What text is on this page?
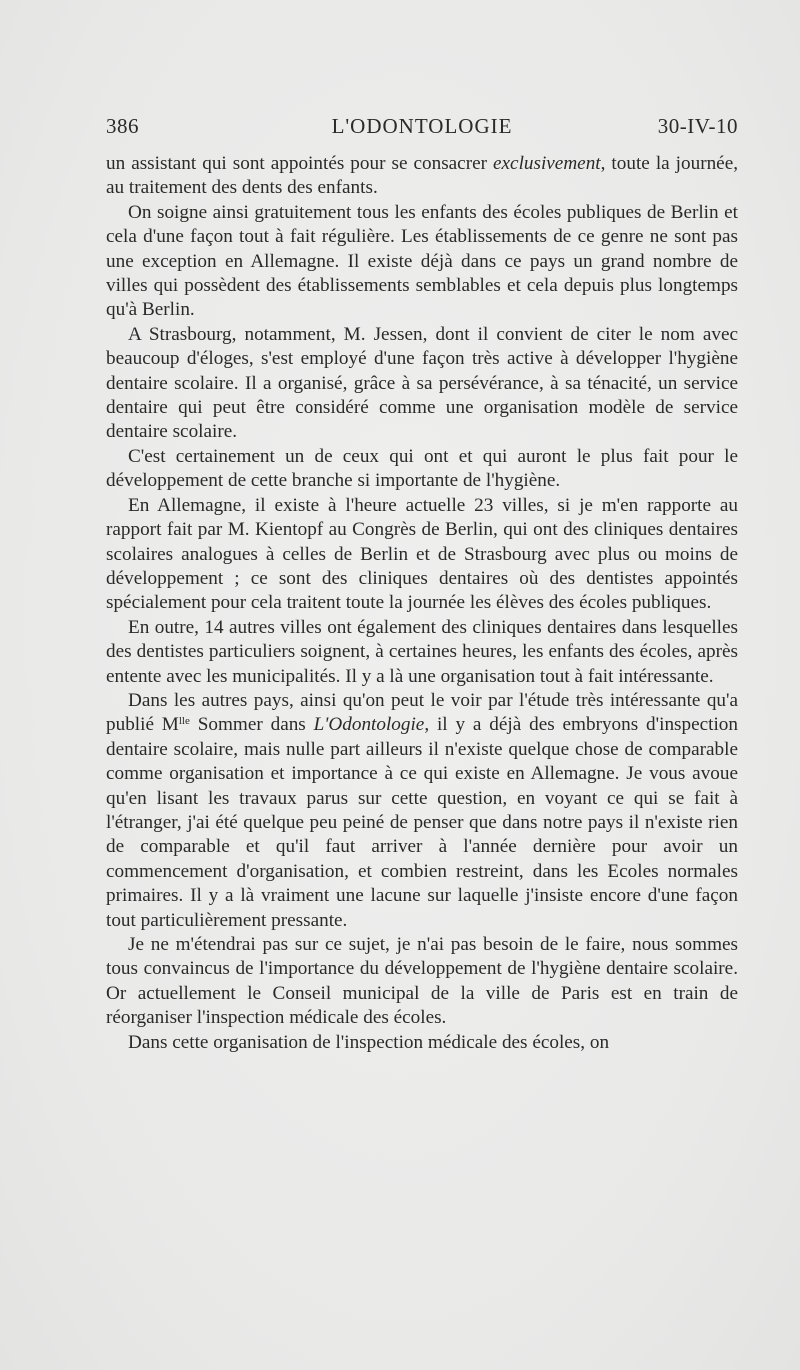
386	L'ODONTOLOGIE	30-IV-10

un assistant qui sont appointés pour se consacrer exclusivement, toute la journée, au traitement des dents des enfants.

On soigne ainsi gratuitement tous les enfants des écoles publiques de Berlin et cela d'une façon tout à fait régulière. Les établissements de ce genre ne sont pas une exception en Allemagne. Il existe déjà dans ce pays un grand nombre de villes qui possèdent des établissements semblables et cela depuis plus longtemps qu'à Berlin.

A Strasbourg, notamment, M. Jessen, dont il convient de citer le nom avec beaucoup d'éloges, s'est employé d'une façon très active à développer l'hygiène dentaire scolaire. Il a organisé, grâce à sa persévérance, à sa ténacité, un service dentaire qui peut être considéré comme une organisation modèle de service dentaire scolaire.

C'est certainement un de ceux qui ont et qui auront le plus fait pour le développement de cette branche si importante de l'hygiène.

En Allemagne, il existe à l'heure actuelle 23 villes, si je m'en rapporte au rapport fait par M. Kientopf au Congrès de Berlin, qui ont des cliniques dentaires scolaires analogues à celles de Berlin et de Strasbourg avec plus ou moins de développement ; ce sont des cliniques dentaires où des dentistes appointés spécialement pour cela traitent toute la journée les élèves des écoles publiques.

En outre, 14 autres villes ont également des cliniques dentaires dans lesquelles des dentistes particuliers soignent, à certaines heures, les enfants des écoles, après entente avec les municipalités. Il y a là une organisation tout à fait intéressante.

Dans les autres pays, ainsi qu'on peut le voir par l'étude très intéressante qu'a publié $M^{lle}$ Sommer dans L'Odontologie, il y a déjà des embryons d'inspection dentaire scolaire, mais nulle part ailleurs il n'existe quelque chose de comparable comme organisation et importance à ce qui existe en Allemagne. Je vous avoue qu'en lisant les travaux parus sur cette question, en voyant ce qui se fait à l'étranger, j'ai été quelque peu peiné de penser que dans notre pays il n'existe rien de comparable et qu'il faut arriver à l'année dernière pour avoir un commencement d'organisation, et combien restreint, dans les Ecoles normales primaires. Il y a là vraiment une lacune sur laquelle j'insiste encore d'une façon tout particulièrement pressante.

Je ne m'étendrai pas sur ce sujet, je n'ai pas besoin de le faire, nous sommes tous convaincus de l'importance du développement de l'hygiène dentaire scolaire. Or actuellement le Conseil municipal de la ville de Paris est en train de réorganiser l'inspection médicale des écoles.

Dans cette organisation de l'inspection médicale des écoles, on
